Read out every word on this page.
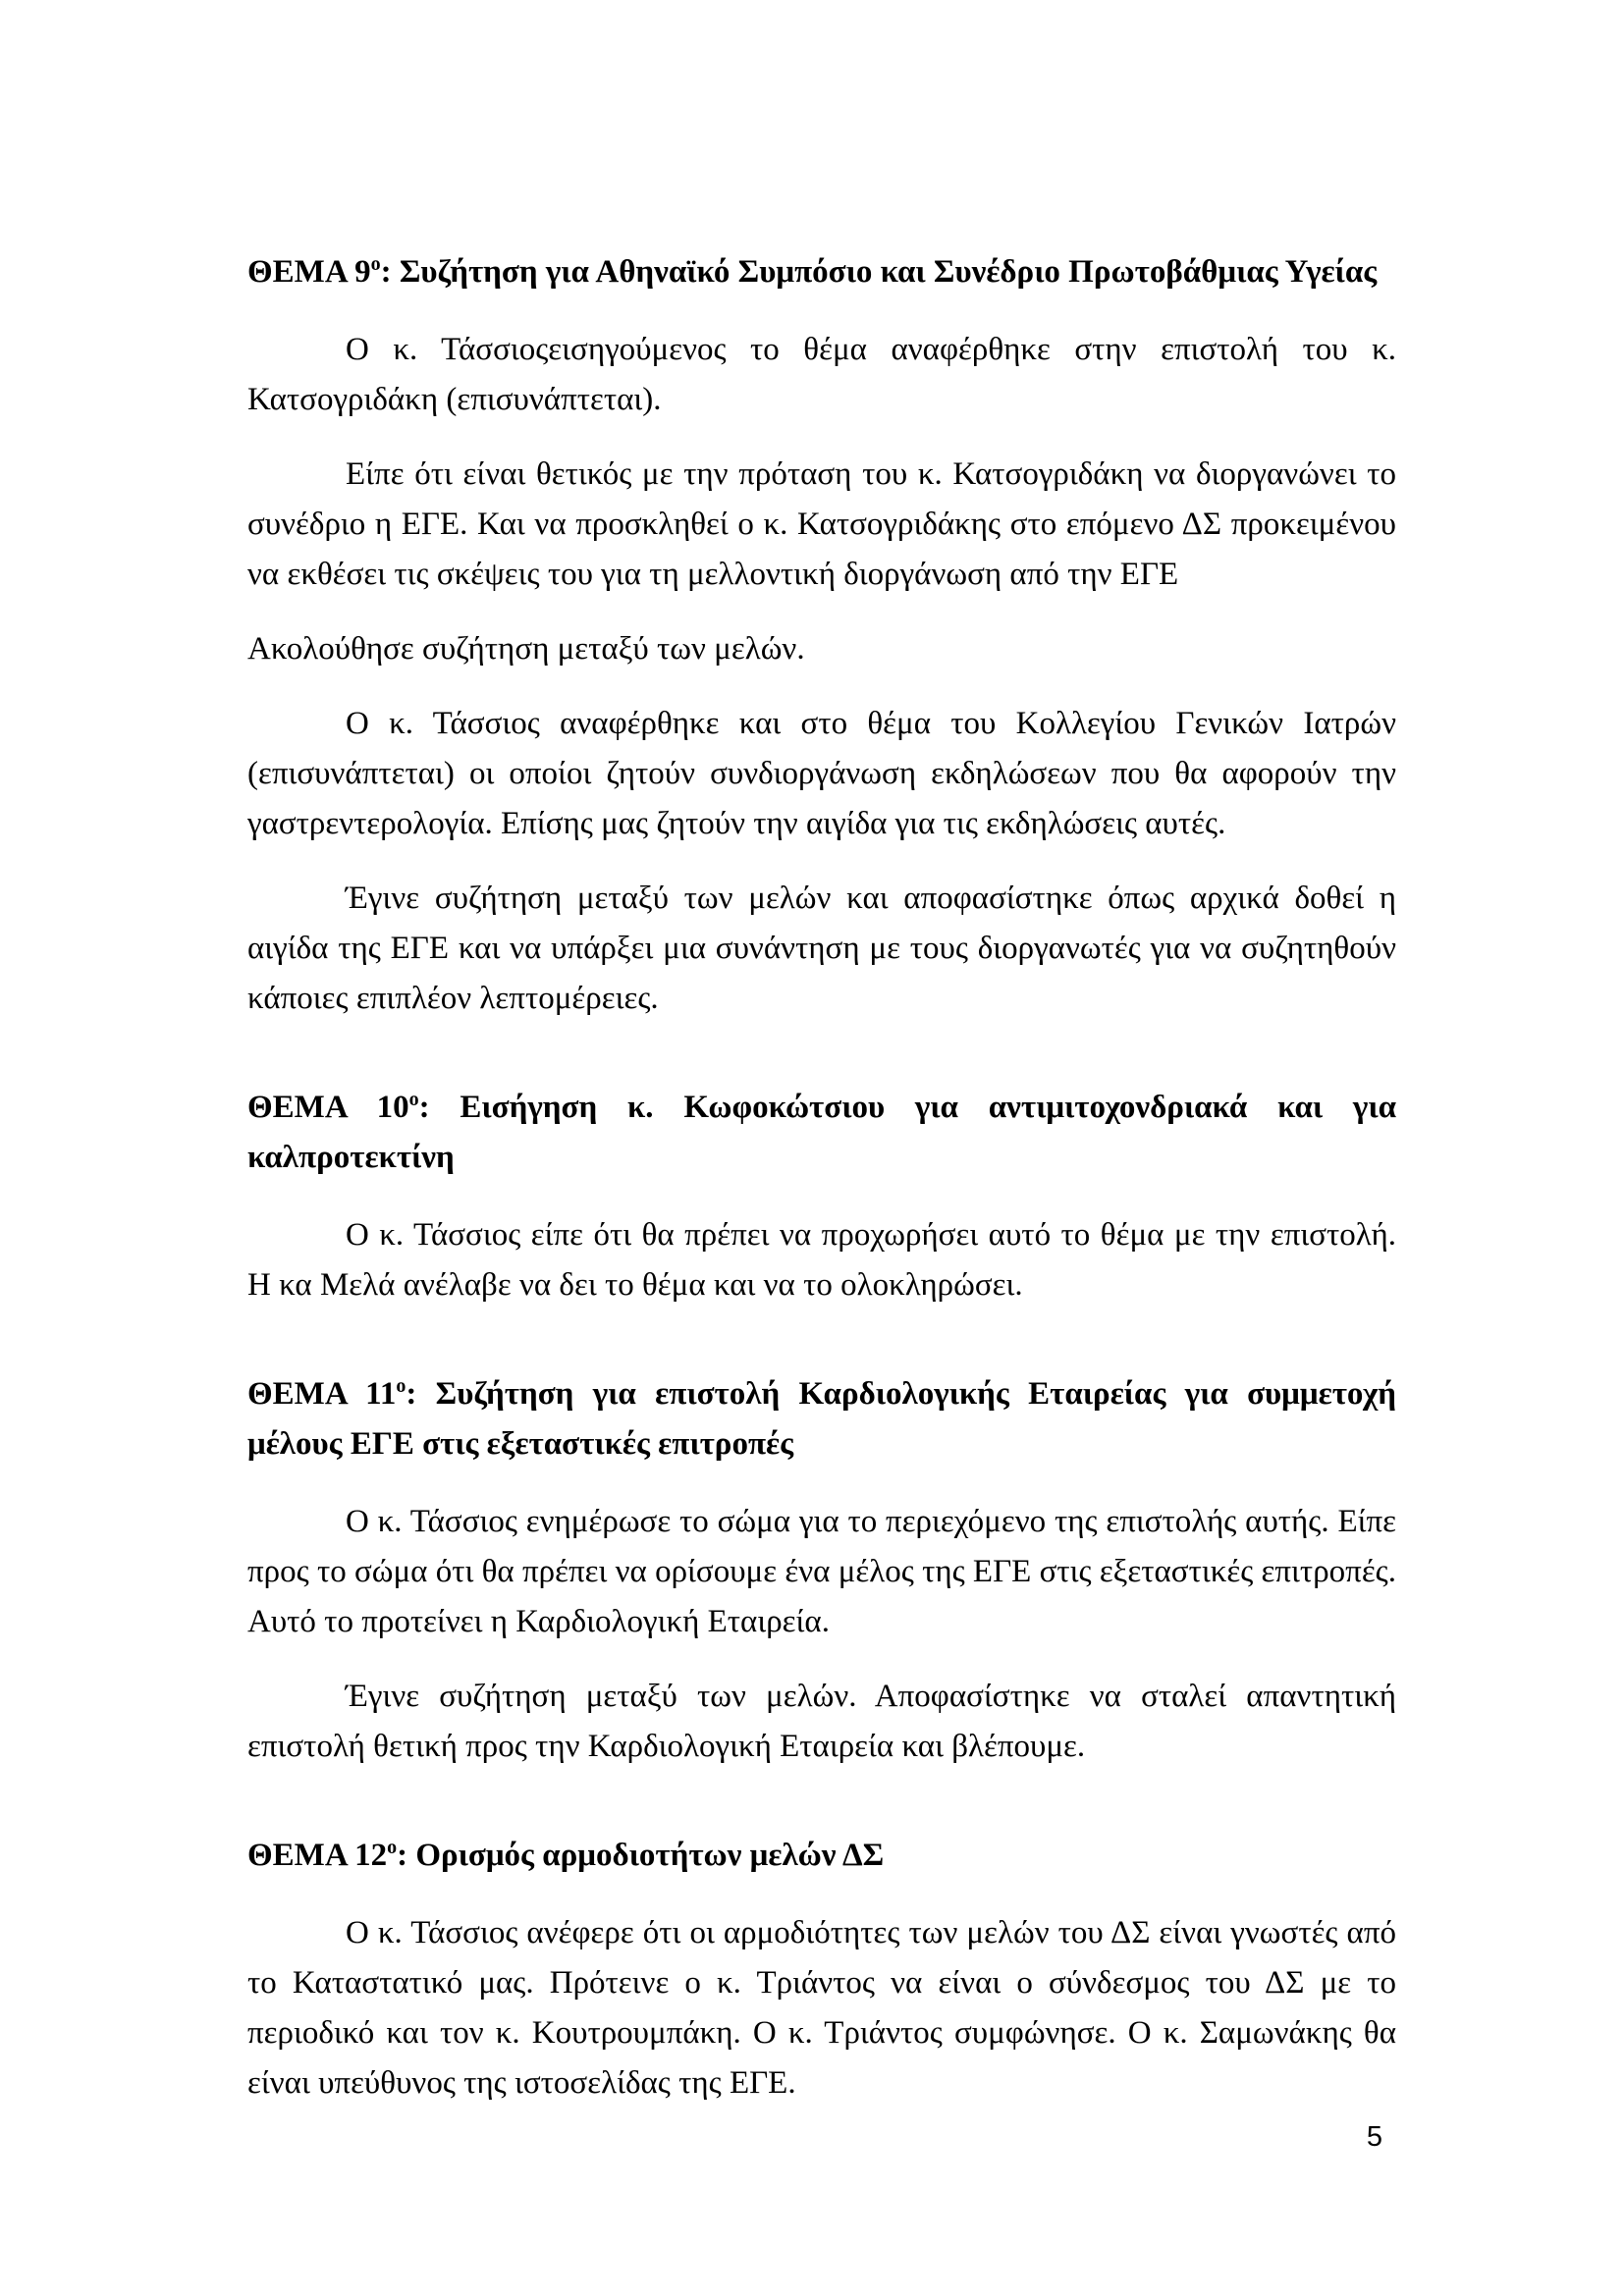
ΘΕΜΑ $9^o$: Συζήτηση για Αθηναϊκό Συμπόσιο και Συνέδριο Πρωτοβάθμιας Υγείας

Ο κ. Τάσσιοςεισηγούμενος το θέμα αναφέρθηκε στην επιστολή του κ. Κατσογριδάκη (επισυνάπτεται).

Είπε ότι είναι θετικός με την πρόταση του κ. Κατσογριδάκη να διοργανώνει το συνέδριο η ΕΓΕ. Και να προσκληθεί ο κ. Κατσογριδάκης στο επόμενο ΔΣ προκειμένου να εκθέσει τις σκέψεις του για τη μελλοντική διοργάνωση από την ΕΓΕ

Ακολούθησε συζήτηση μεταξύ των μελών.

Ο κ. Τάσσιος αναφέρθηκε και στο θέμα του Κολλεγίου Γενικών Ιατρών (επισυνάπτεται) οι οποίοι ζητούν συνδιοργάνωση εκδηλώσεων που θα αφορούν την γαστρεντερολογία. Επίσης μας ζητούν την αιγίδα για τις εκδηλώσεις αυτές.

Έγινε συζήτηση μεταξύ των μελών και αποφασίστηκε όπως αρχικά δοθεί η αιγίδα της ΕΓΕ και να υπάρξει μια συνάντηση με τους διοργανωτές για να συζητηθούν κάποιες επιπλέον λεπτομέρειες.

ΘΕΜΑ $10^o$: Εισήγηση κ. Κωφοκώτσιου για αντιμιτοχονδριακά και για καλπροτεκτίνη

Ο κ. Τάσσιος είπε ότι θα πρέπει να προχωρήσει αυτό το θέμα με την επιστολή. Η κα Μελά ανέλαβε να δει το θέμα και να το ολοκληρώσει.

ΘΕΜΑ $11^o$: Συζήτηση για επιστολή Καρδιολογικής Εταιρείας για συμμετοχή μέλους ΕΓΕ στις εξεταστικές επιτροπές

Ο κ. Τάσσιος ενημέρωσε το σώμα για το περιεχόμενο της επιστολής αυτής. Είπε προς το σώμα ότι θα πρέπει να ορίσουμε ένα μέλος της ΕΓΕ στις εξεταστικές επιτροπές. Αυτό το προτείνει η Καρδιολογική Εταιρεία.

Έγινε συζήτηση μεταξύ των μελών. Αποφασίστηκε να σταλεί απαντητική επιστολή θετική προς την Καρδιολογική Εταιρεία και βλέπουμε.

ΘΕΜΑ $12^o$: Ορισμός αρμοδιοτήτων μελών ΔΣ

Ο κ. Τάσσιος ανέφερε ότι οι αρμοδιότητες των μελών του ΔΣ είναι γνωστές από το Καταστατικό μας. Πρότεινε ο κ. Τριάντος να είναι ο σύνδεσμος του ΔΣ με το περιοδικό και τον κ. Κουτρουμπάκη. Ο κ. Τριάντος συμφώνησε. Ο κ. Σαμωνάκης θα είναι υπεύθυνος της ιστοσελίδας της ΕΓΕ.

5
